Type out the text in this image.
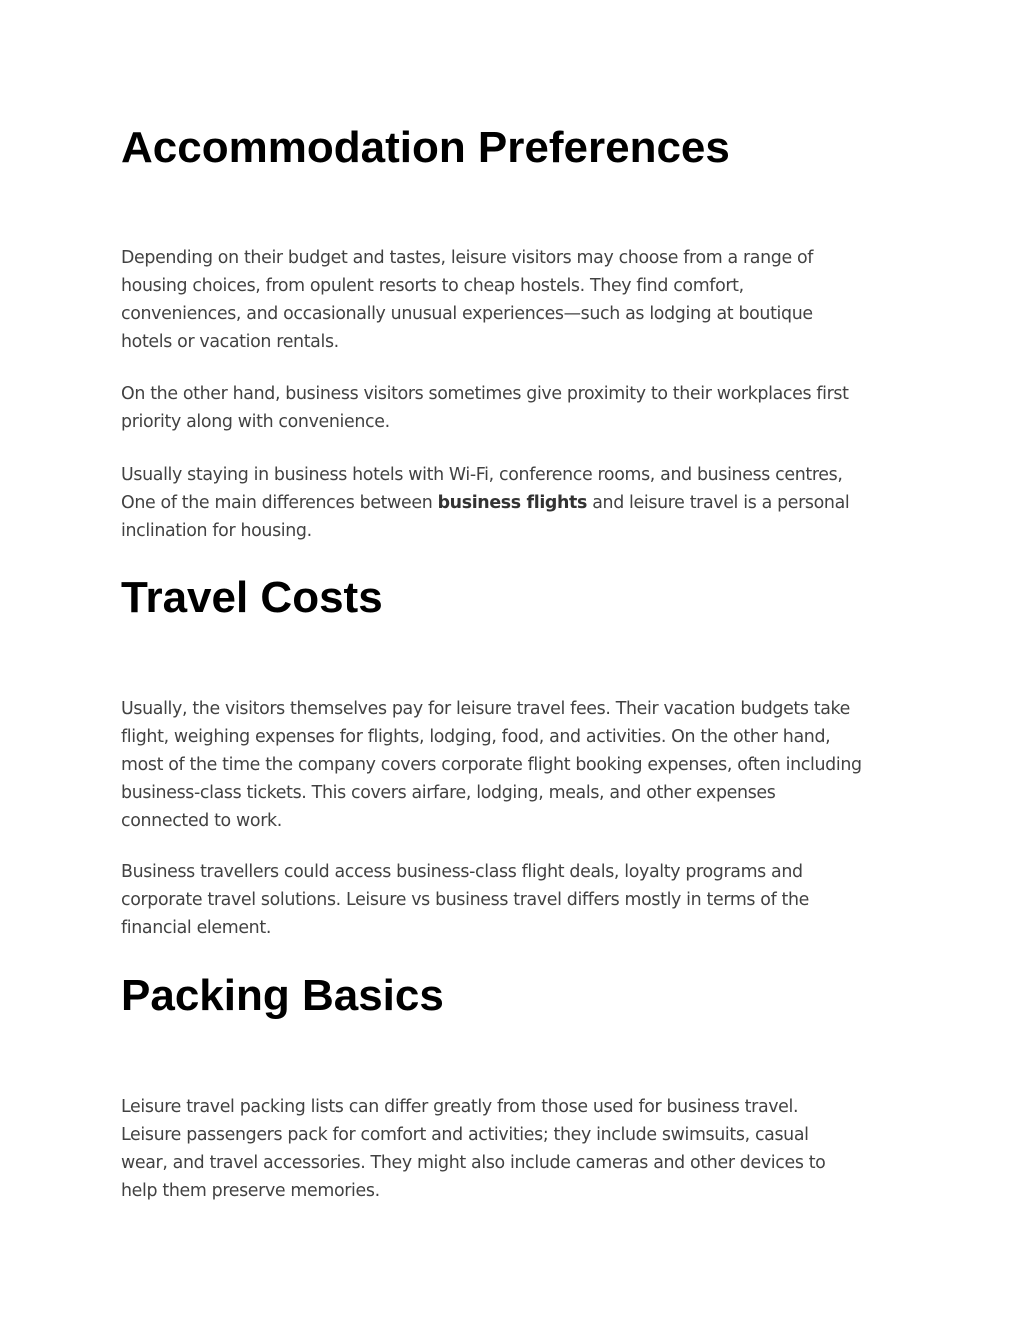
Accommodation Preferences

Depending on their budget and tastes, leisure visitors may choose from a range of
housing choices, from opulent resorts to cheap hostels. They find comfort,
conveniences, and occasionally unusual experiences—such as lodging at boutique
hotels or vacation rentals.

On the other hand, business visitors sometimes give proximity to their workplaces first
priority along with convenience.

Usually staying in business hotels with Wi-Fi, conference rooms, and business centres,
One of the main differences between business flights and leisure travel is a personal
inclination for housing.

Travel Costs

Usually, the visitors themselves pay for leisure travel fees. Their vacation budgets take
flight, weighing expenses for flights, lodging, food, and activities. On the other hand,
most of the time the company covers corporate flight booking expenses, often including
business-class tickets. This covers airfare, lodging, meals, and other expenses
connected to work.

Business travellers could access business-class flight deals, loyalty programs and
corporate travel solutions. Leisure vs business travel differs mostly in terms of the
financial element.

Packing Basics

Leisure travel packing lists can differ greatly from those used for business travel.
Leisure passengers pack for comfort and activities; they include swimsuits, casual
wear, and travel accessories. They might also include cameras and other devices to
help them preserve memories.
